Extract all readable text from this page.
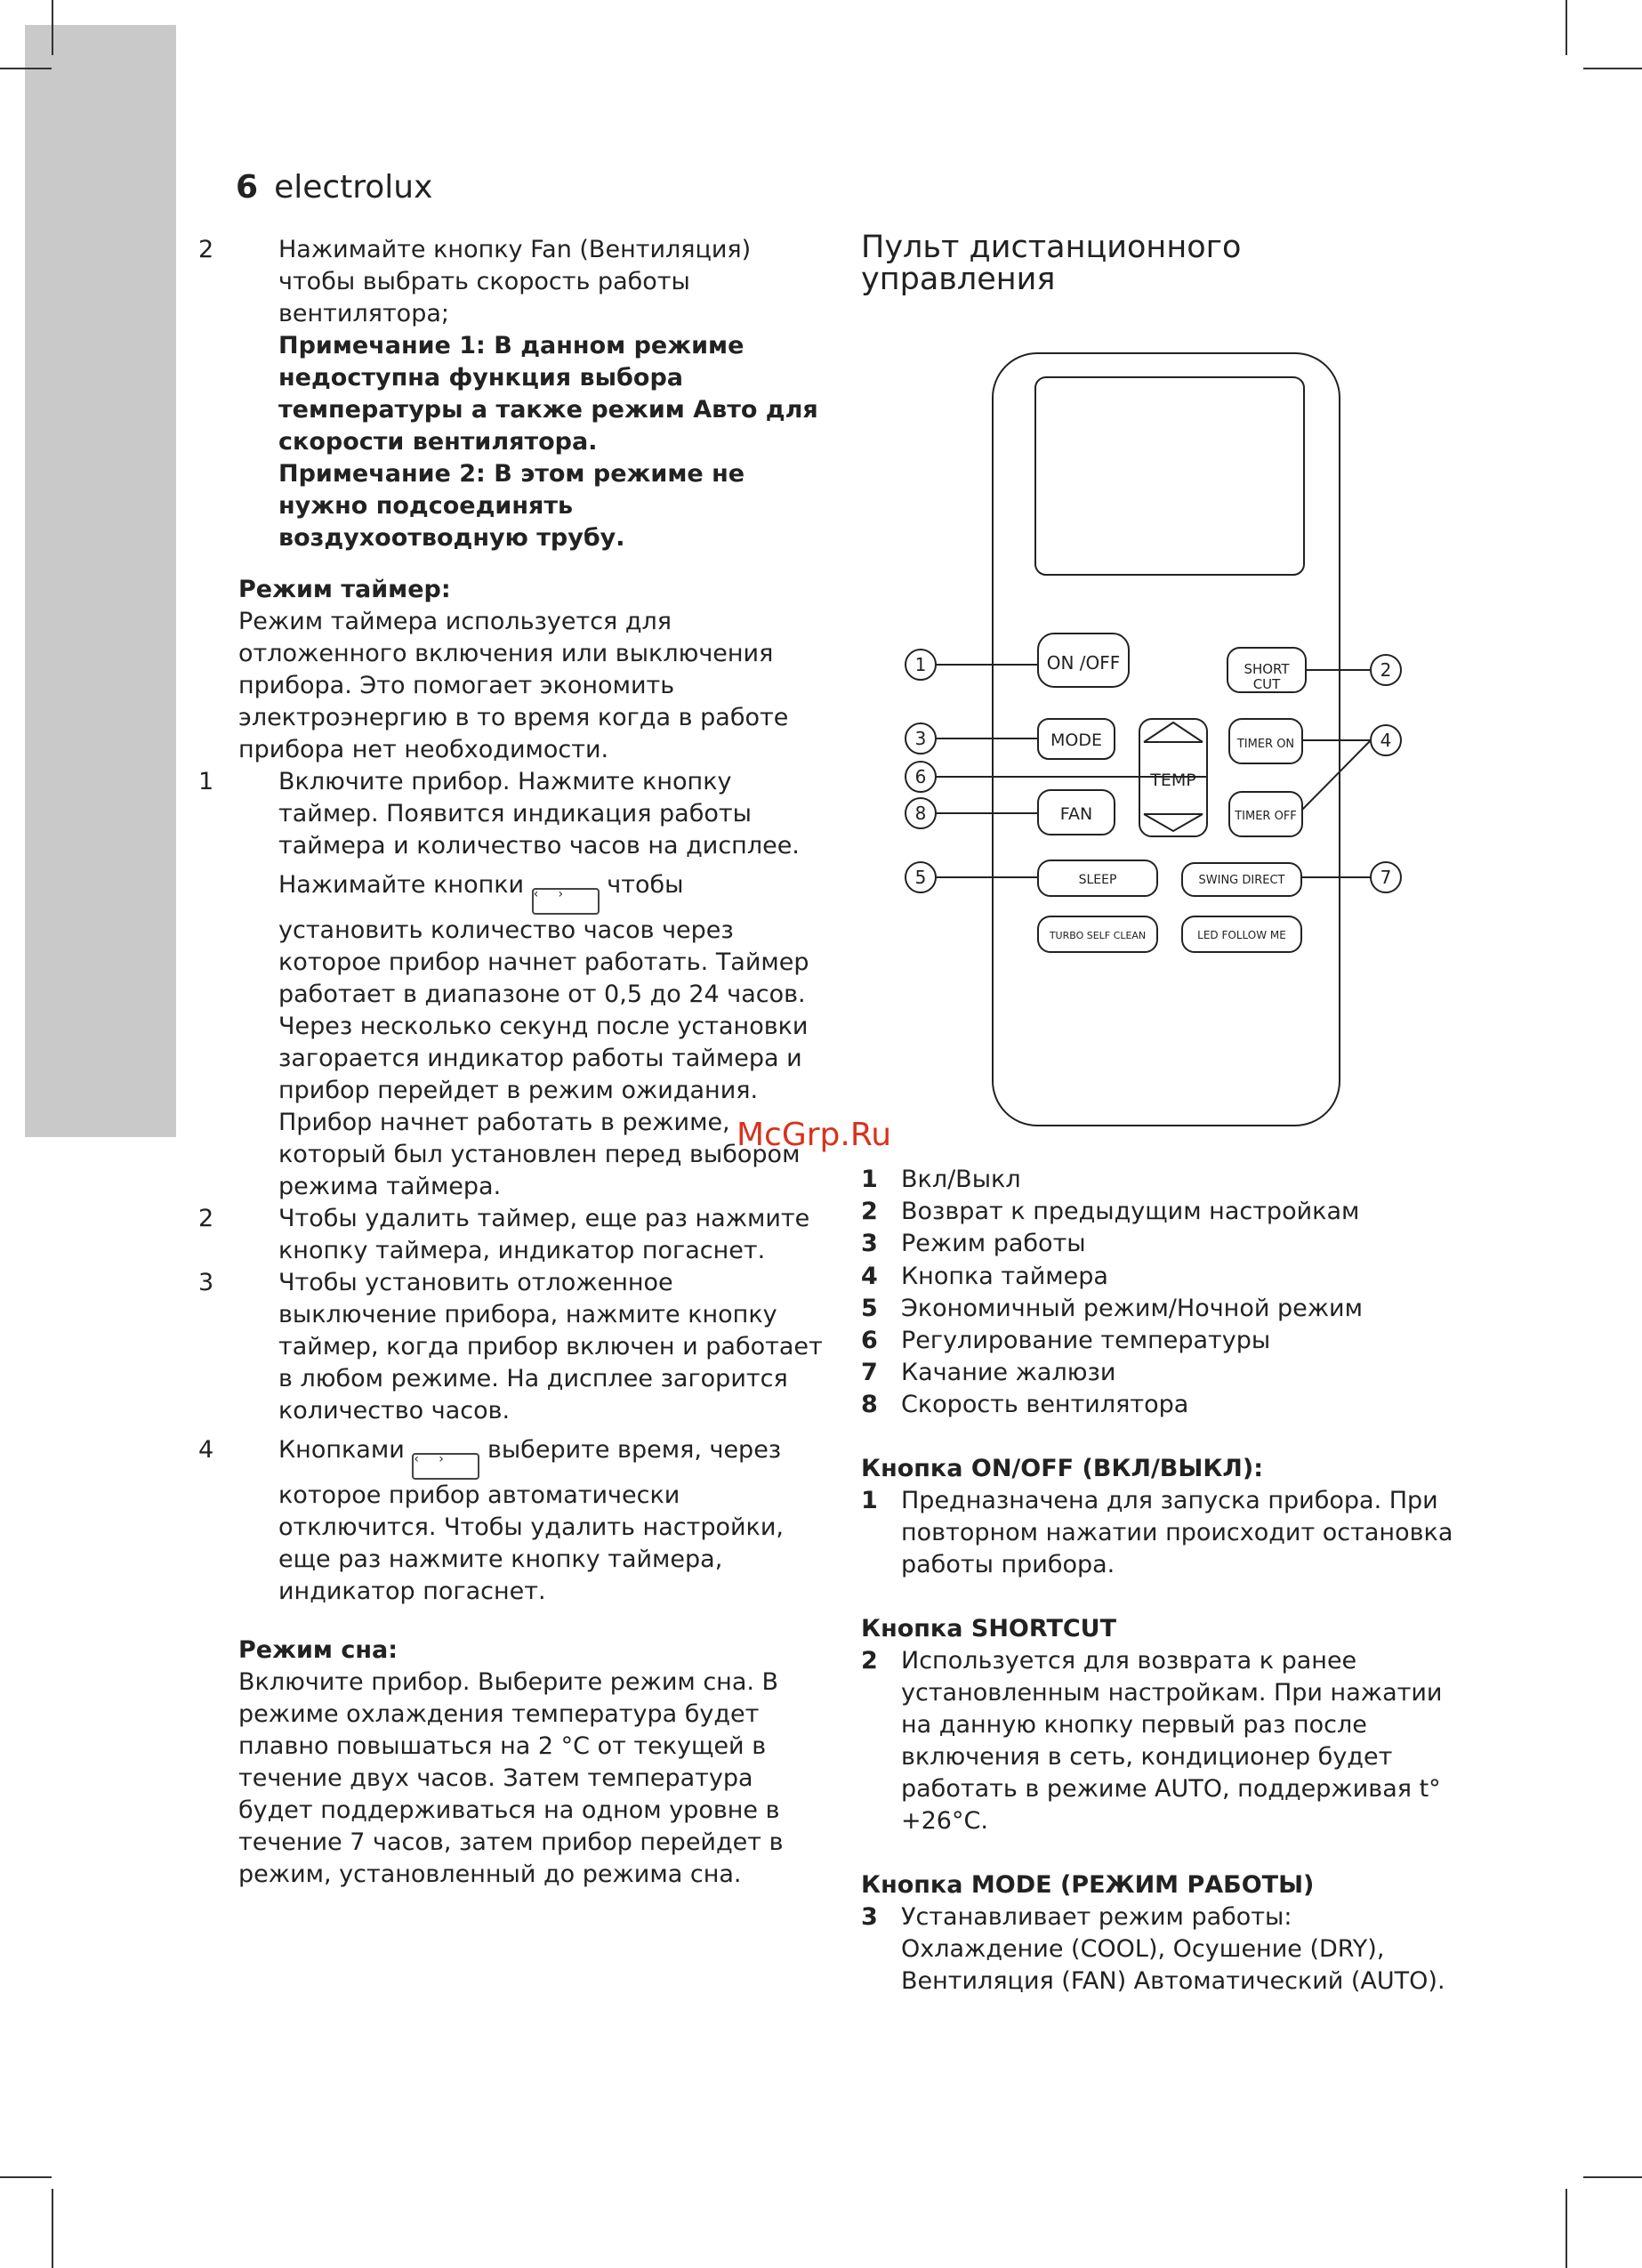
6 electrolux

2	Нажимайте кнопку Fan (Вентиляция) чтобы выбрать скорость работы вентилятора;

Примечание 1: В данном режиме недоступна функция выбора температуры а также режим Авто для скорости вентилятора.

Примечание 2: В этом режиме не нужно подсоединять воздухоотводную трубу.

Режим таймер:

Режим таймера используется для отложенного включения или выключения прибора. Это помогает экономить электроэнергию в то время когда в работе прибора нет необходимости.

1	Включите прибор. Нажмите кнопку таймер. Появится индикация работы таймера и количество часов на дисплее.

Нажимайте кнопки ‹     › чтобы установить количество часов через которое прибор начнет работать. Таймер работает в диапазоне от 0,5 до 24 часов. Через несколько секунд после установки загорается индикатор работы таймера и прибор перейдет в режим ожидания. Прибор начнет работать в режиме, который был установлен перед выбором режима таймера.

2	Чтобы удалить таймер, еще раз нажмите кнопку таймера, индикатор погаснет.

3	Чтобы установить отложенное выключение прибора, нажмите кнопку таймер, когда прибор включен и работает в любом режиме. На дисплее загорится количество часов.

4	Кнопками ‹     › выберите время, через которое прибор автоматически отключится. Чтобы удалить настройки, еще раз нажмите кнопку таймера, индикатор погаснет.

Режим сна:

Включите прибор. Выберите режим сна. В режиме охлаждения температура будет плавно повышаться на 2 °C от текущей в течение двух часов. Затем температура будет поддерживаться на одном уровне в течение 7 часов, затем прибор перейдет в режим, установленный до режима сна.

Пульт дистанционного
управления
ON /OFF	SHORT
CUT
MODE
TEMP
TIMER ON
FAN	TIMER OFF
SLEEP	SWING DIRECT
TURBO SELF CLEAN	LED FOLLOW ME
1	2
3	4
5
6
7
8
McGrp.Ru
1 Вкл/Выкл
2 Возврат к предыдущим настройкам
3 Режим работы
4 Кнопка таймера
5 Экономичный режим/Ночной режим
6 Регулирование температуры
7 Качание жалюзи
8 Скорость вентилятора

Кнопка ON/OFF (ВКЛ/ВЫКЛ):

1 Предназначена для запуска прибора. При повторном нажатии происходит остановка работы прибора.

Кнопка SHORTCUT

2 Используется для возврата к ранее установленным настройкам. При нажатии на данную кнопку первый раз после включения в сеть, кондиционер будет работать в режиме AUTO, поддерживая t°+26°C.

Кнопка MODE (РЕЖИМ РАБОТЫ)

3 Устанавливает режим работы: Охлаждение (COOL), Осушение (DRY), Вентиляция (FAN) Автоматический (AUTO).
